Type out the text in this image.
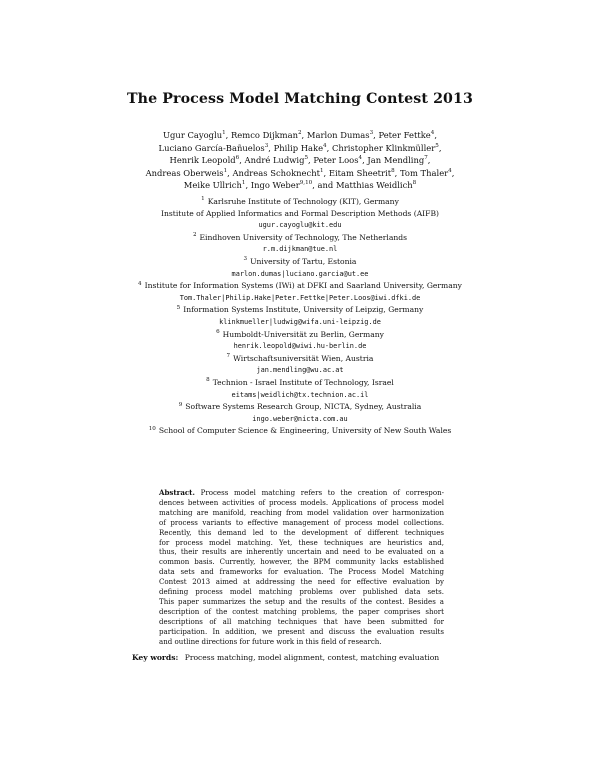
The Process Model Matching Contest 2013
Ugur Cayoglu$^1$, Remco Dijkman$^2$, Marlon Dumas$^3$, Peter Fettke$^4$,
Luciano García-Bañuelos$^3$, Philip Hake$^4$, Christopher Klinkmüller$^5$,
Henrik Leopold$^6$, André Ludwig$^5$, Peter Loos$^4$, Jan Mendling$^7$,
Andreas Oberweis$^1$, Andreas Schoknecht$^1$, Eitam Sheetrit$^8$, Tom Thaler$^4$,
Meike Ullrich$^1$, Ingo Weber$^{9,10}$, and Matthias Weidlich$^8$
$^1$ Karlsruhe Institute of Technology (KIT), Germany
Institute of Applied Informatics and Formal Description Methods (AIFB)
ugur.cayoglu@kit.edu
$^2$ Eindhoven University of Technology, The Netherlands
r.m.dijkman@tue.nl
$^3$ University of Tartu, Estonia
marlon.dumas|luciano.garcia@ut.ee
$^4$ Institute for Information Systems (IWi) at DFKI and Saarland University, Germany
Tom.Thaler|Philip.Hake|Peter.Fettke|Peter.Loos@iwi.dfki.de
$^5$ Information Systems Institute, University of Leipzig, Germany
klinkmueller|ludwig@wifa.uni-leipzig.de
$^6$ Humboldt-Universität zu Berlin, Germany
henrik.leopold@wiwi.hu-berlin.de
$^7$ Wirtschaftsuniversität Wien, Austria
jan.mendling@wu.ac.at
$^8$ Technion - Israel Institute of Technology, Israel
eitams|weidlich@tx.technion.ac.il
$^9$ Software Systems Research Group, NICTA, Sydney, Australia
ingo.weber@nicta.com.au
$^{10}$ School of Computer Science & Engineering, University of New South Wales
Abstract. Process model matching refers to the creation of correspon-
dences between activities of process models. Applications of process model
matching are manifold, reaching from model validation over harmonization
of process variants to effective management of process model collections.
Recently, this demand led to the development of different techniques
for process model matching. Yet, these techniques are heuristics and,
thus, their results are inherently uncertain and need to be evaluated on a
common basis. Currently, however, the BPM community lacks established
data sets and frameworks for evaluation. The Process Model Matching
Contest 2013 aimed at addressing the need for effective evaluation by
defining process model matching problems over published data sets.
This paper summarizes the setup and the results of the contest. Besides a
description of the contest matching problems, the paper comprises short
descriptions of all matching techniques that have been submitted for
participation. In addition, we present and discuss the evaluation results
and outline directions for future work in this field of research.
Key words: Process matching, model alignment, contest, matching evaluation
